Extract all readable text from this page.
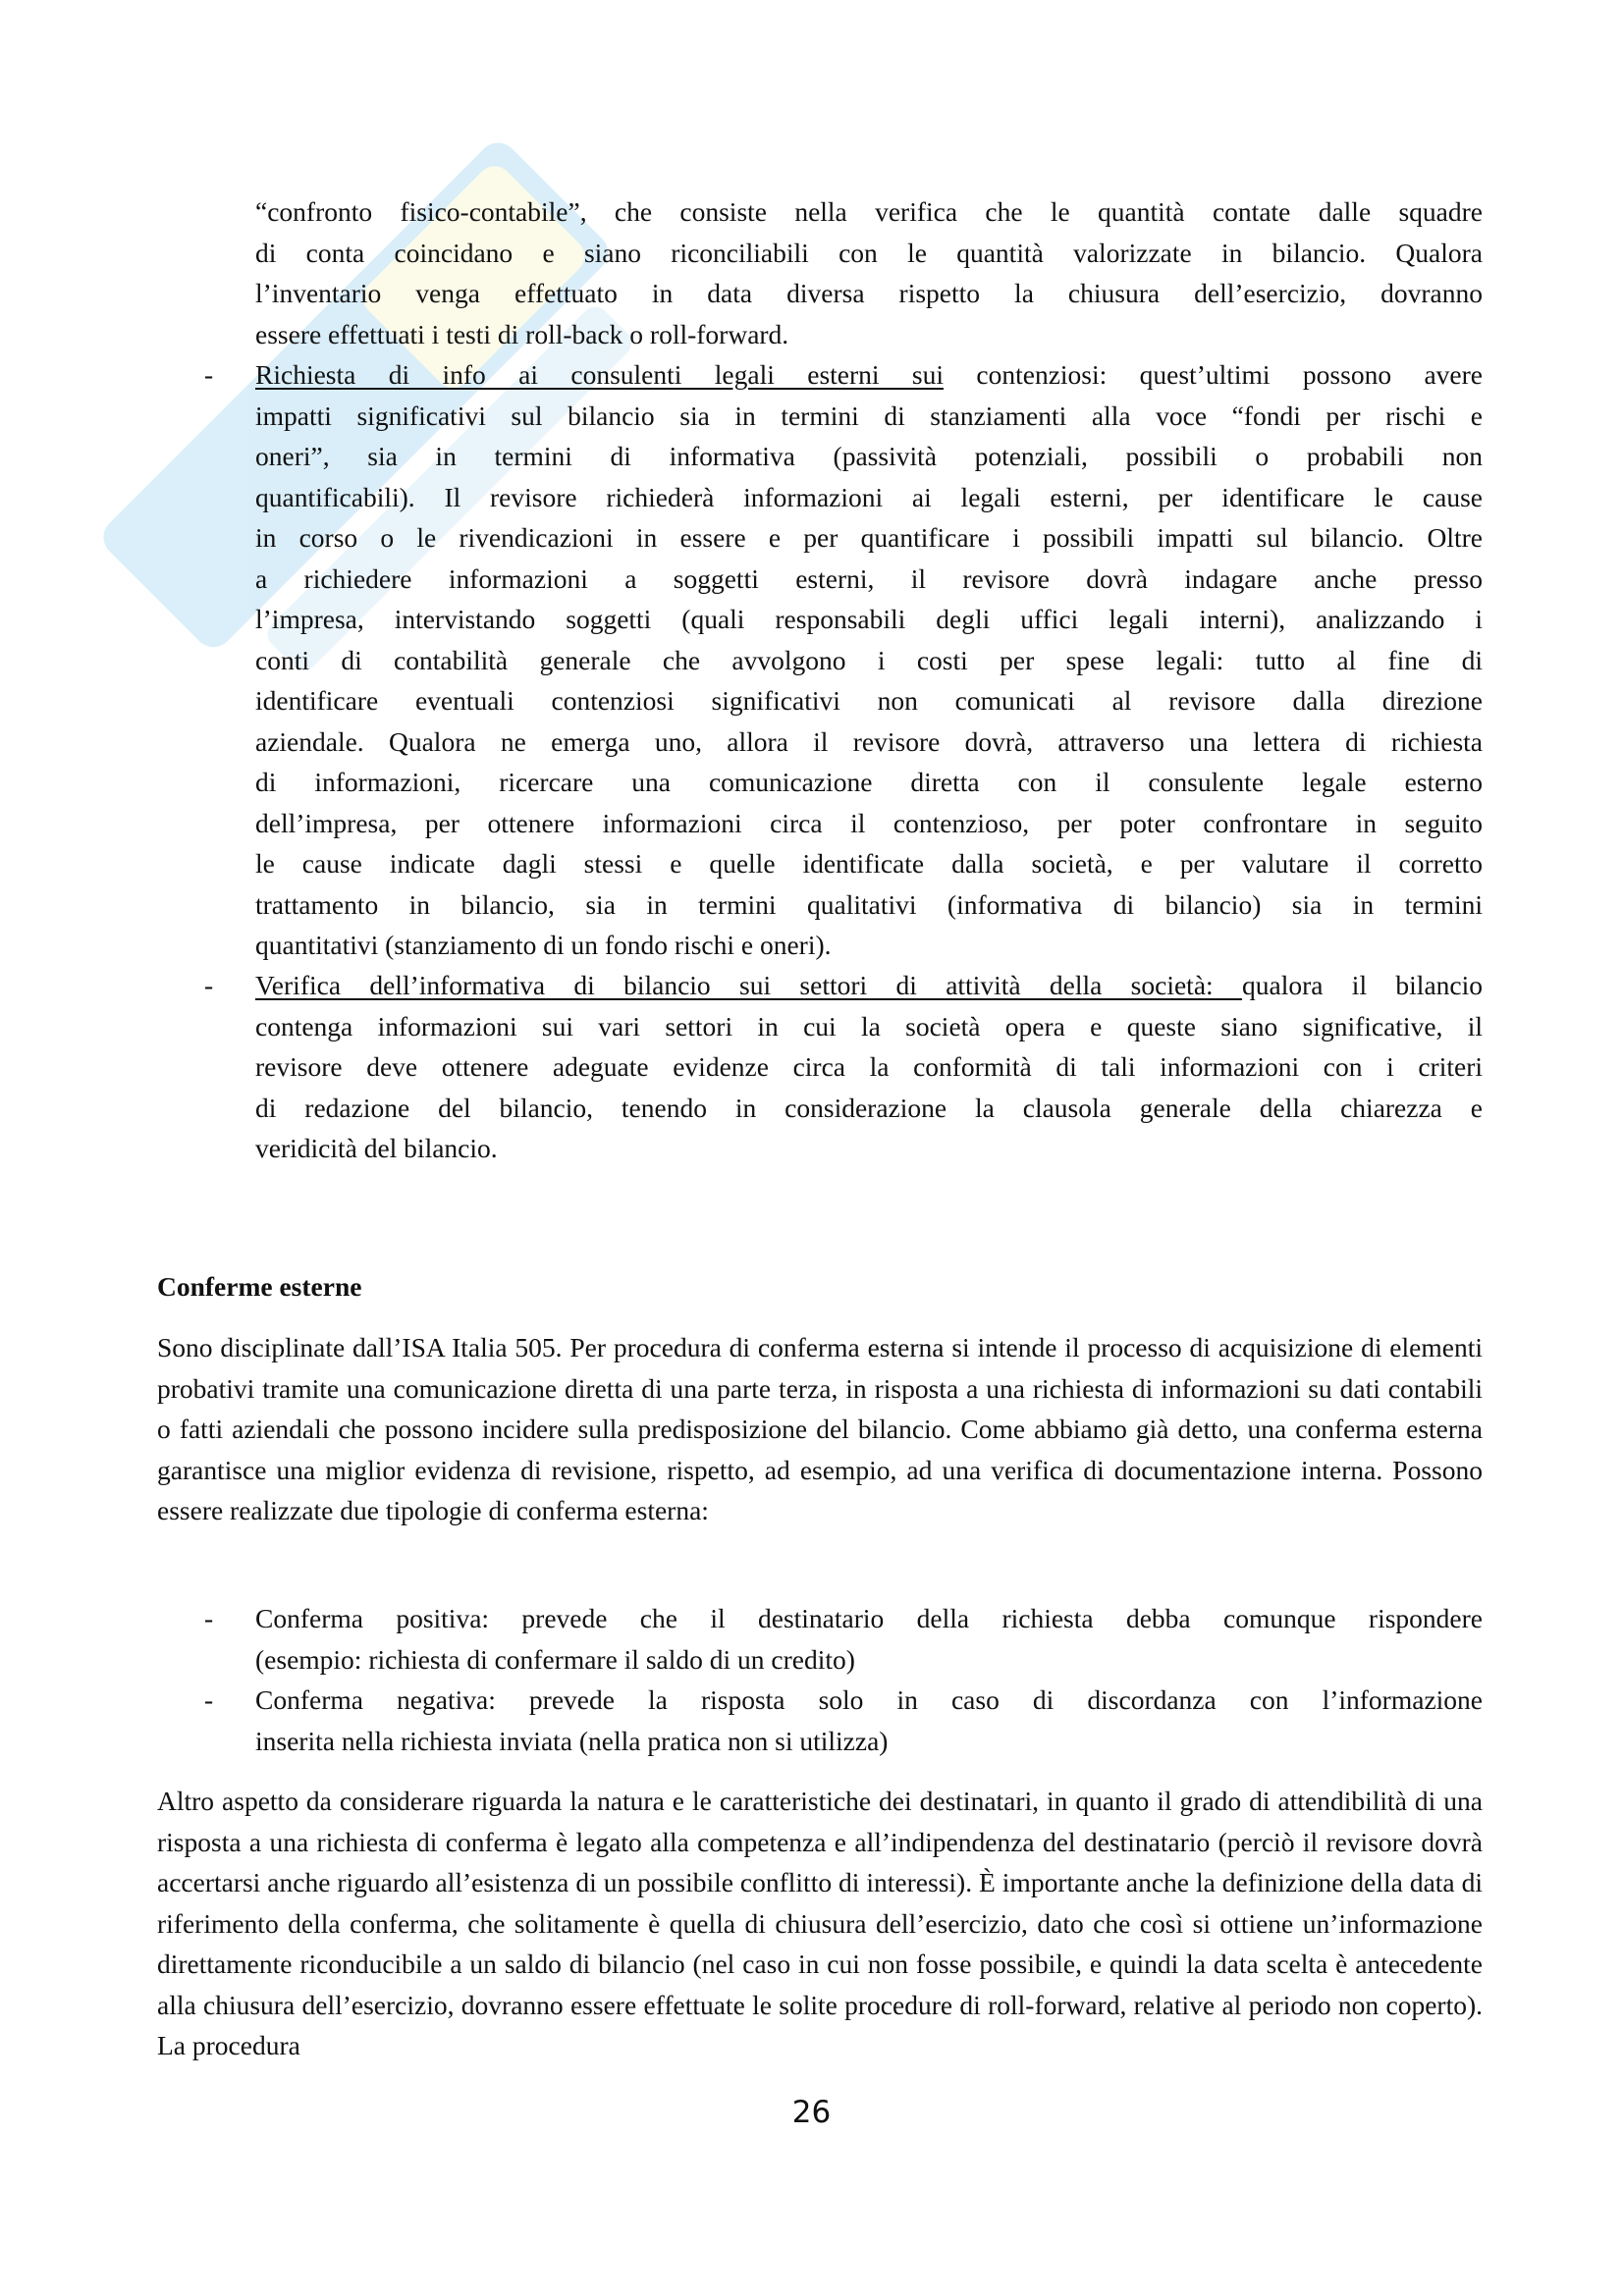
“confronto fisico-contabile”, che consiste nella verifica che le quantità contate dalle squadre
di conta coincidano e siano riconciliabili con le quantità valorizzate in bilancio. Qualora
l’inventario venga effettuato in data diversa rispetto la chiusura dell’esercizio, dovranno
essere effettuati i testi di roll-back o roll-forward.
- Richiesta di info ai consulenti legali esterni sui contenziosi: quest’ultimi possono avere
impatti significativi sul bilancio sia in termini di stanziamenti alla voce “fondi per rischi e
oneri”, sia in termini di informativa (passività potenziali, possibili o probabili non
quantificabili). Il revisore richiederà informazioni ai legali esterni, per identificare le cause
in corso o le rivendicazioni in essere e per quantificare i possibili impatti sul bilancio. Oltre
a richiedere informazioni a soggetti esterni, il revisore dovrà indagare anche presso
l’impresa, intervistando soggetti (quali responsabili degli uffici legali interni), analizzando i
conti di contabilità generale che avvolgono i costi per spese legali: tutto al fine di
identificare eventuali contenziosi significativi non comunicati al revisore dalla direzione
aziendale. Qualora ne emerga uno, allora il revisore dovrà, attraverso una lettera di richiesta
di informazioni, ricercare una comunicazione diretta con il consulente legale esterno
dell’impresa, per ottenere informazioni circa il contenzioso, per poter confrontare in seguito
le cause indicate dagli stessi e quelle identificate dalla società, e per valutare il corretto
trattamento in bilancio, sia in termini qualitativi (informativa di bilancio) sia in termini
quantitativi (stanziamento di un fondo rischi e oneri).
- Verifica dell’informativa di bilancio sui settori di attività della società: qualora il bilancio
contenga informazioni sui vari settori in cui la società opera e queste siano significative, il
revisore deve ottenere adeguate evidenze circa la conformità di tali informazioni con i criteri
di redazione del bilancio, tenendo in considerazione la clausola generale della chiarezza e
veridicità del bilancio.
Conferme esterne
Sono disciplinate dall’ISA Italia 505. Per procedura di conferma esterna si intende il processo di acquisizione di elementi probativi tramite una comunicazione diretta di una parte terza, in risposta a una richiesta di informazioni su dati contabili o fatti aziendali che possono incidere sulla predisposizione del bilancio. Come abbiamo già detto, una conferma esterna garantisce una miglior evidenza di revisione, rispetto, ad esempio, ad una verifica di documentazione interna. Possono essere realizzate due tipologie di conferma esterna:
- Conferma positiva: prevede che il destinatario della richiesta debba comunque rispondere
(esempio: richiesta di confermare il saldo di un credito)
- Conferma negativa: prevede la risposta solo in caso di discordanza con l’informazione
inserita nella richiesta inviata (nella pratica non si utilizza)
Altro aspetto da considerare riguarda la natura e le caratteristiche dei destinatari, in quanto il grado di attendibilità di una risposta a una richiesta di conferma è legato alla competenza e all’indipendenza del destinatario (perciò il revisore dovrà accertarsi anche riguardo all’esistenza di un possibile conflitto di interessi). È importante anche la definizione della data di riferimento della conferma, che solitamente è quella di chiusura dell’esercizio, dato che così si ottiene un’informazione direttamente riconducibile a un saldo di bilancio (nel caso in cui non fosse possibile, e quindi la data scelta è antecedente alla chiusura dell’esercizio, dovranno essere effettuate le solite procedure di roll-forward, relative al periodo non coperto). La procedura
26
